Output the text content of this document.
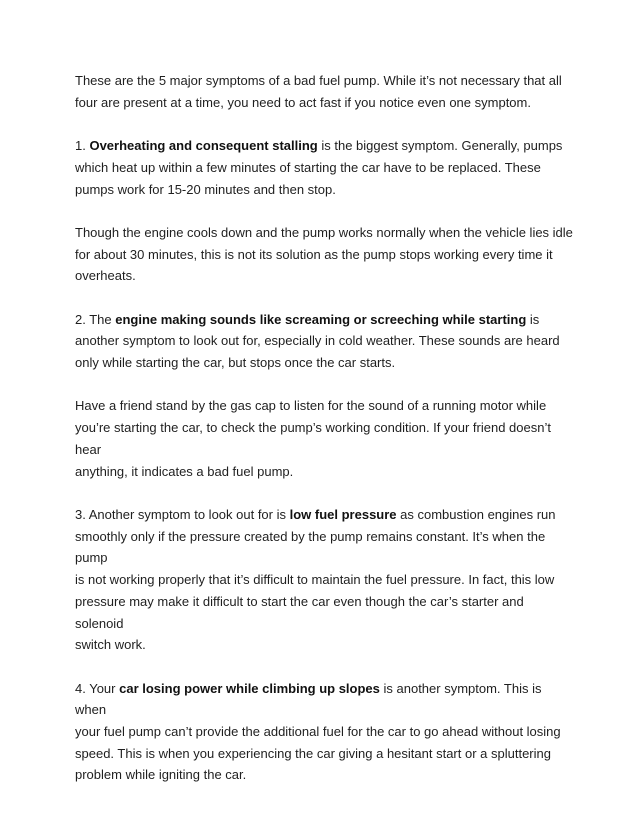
These are the 5 major symptoms of a bad fuel pump. While it’s not necessary that all
four are present at a time, you need to act fast if you notice even one symptom.
1. Overheating and consequent stalling is the biggest symptom. Generally, pumps
which heat up within a few minutes of starting the car have to be replaced. These
pumps work for 15-20 minutes and then stop.
Though the engine cools down and the pump works normally when the vehicle lies idle
for about 30 minutes, this is not its solution as the pump stops working every time it
overheats.
2. The engine making sounds like screaming or screeching while starting is
another symptom to look out for, especially in cold weather. These sounds are heard
only while starting the car, but stops once the car starts.
Have a friend stand by the gas cap to listen for the sound of a running motor while
you’re starting the car, to check the pump’s working condition. If your friend doesn’t hear
anything, it indicates a bad fuel pump.
3. Another symptom to look out for is low fuel pressure as combustion engines run
smoothly only if the pressure created by the pump remains constant. It’s when the pump
is not working properly that it’s difficult to maintain the fuel pressure. In fact, this low
pressure may make it difficult to start the car even though the car’s starter and solenoid
switch work.
4. Your car losing power while climbing up slopes is another symptom. This is when
your fuel pump can’t provide the additional fuel for the car to go ahead without losing
speed. This is when you experiencing the car giving a hesitant start or a spluttering
problem while igniting the car.
